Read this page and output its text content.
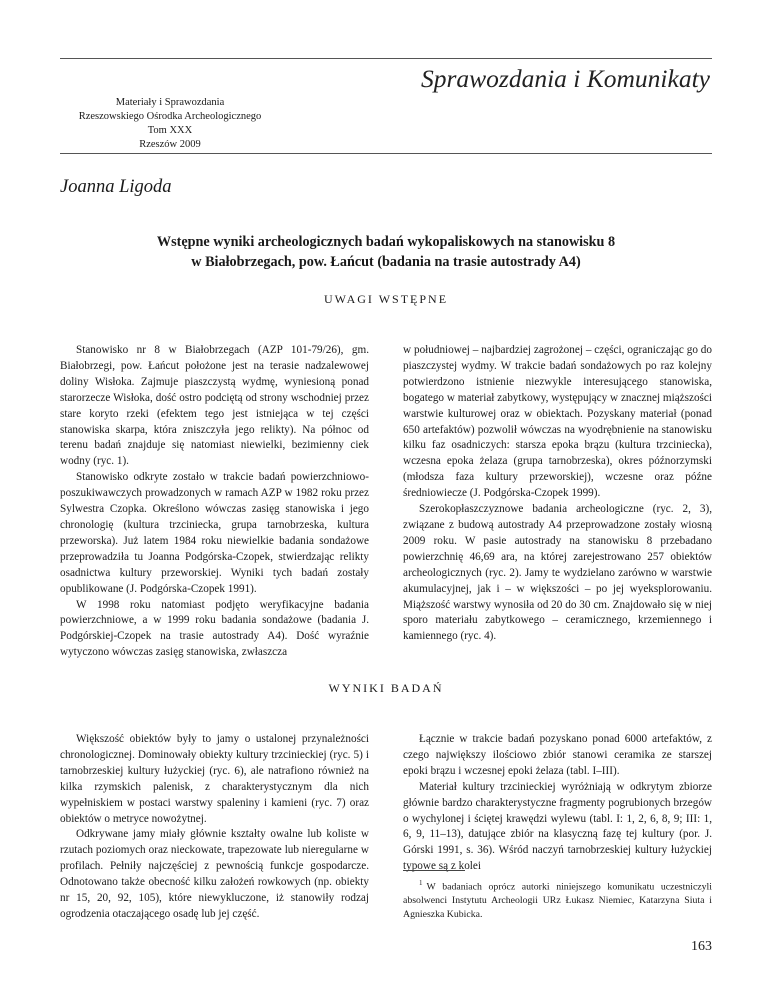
Sprawozdania i Komunikaty
Materiały i Sprawozdania
Rzeszowskiego Ośrodka Archeologicznego
Tom XXX
Rzeszów 2009
Joanna Ligoda
Wstępne wyniki archeologicznych badań wykopaliskowych na stanowisku 8
w Białobrzegach, pow. Łańcut (badania na trasie autostrady A4)
UWAGI WSTĘPNE

Stanowisko nr 8 w Białobrzegach (AZP 101-79/26), gm. Białobrzegi, pow. Łańcut położone jest na terasie nadzalewowej doliny Wisłoka. Zajmuje piaszczystą wydmę, wyniesioną ponad starorzecze Wisłoka, dość ostro podciętą od strony wschodniej przez stare koryto rzeki (efektem tego jest istniejąca w tej części stanowiska skarpa, która zniszczyła jego relikty). Na północ od terenu badań znajduje się natomiast niewielki, bezimienny ciek wodny (ryc. 1).

Stanowisko odkryte zostało w trakcie badań powierzchniowo-poszukiwawczych prowadzonych w ramach AZP w 1982 roku przez Sylwestra Czopka. Określono wówczas zasięg stanowiska i jego chronologię (kultura trzciniecka, grupa tarnobrzeska, kultura przeworska). Już latem 1984 roku niewielkie badania sondażowe przeprowadziła tu Joanna Podgórska-Czopek, stwierdzając relikty osadnictwa kultury przeworskiej. Wyniki tych badań zostały opublikowane (J. Podgórska-Czopek 1991).

W 1998 roku natomiast podjęto weryfikacyjne badania powierzchniowe, a w 1999 roku badania sondażowe (badania J. Podgórskiej-Czopek na trasie autostrady A4). Dość wyraźnie wytyczono wówczas zasięg stanowiska, zwłaszcza

w południowej – najbardziej zagrożonej – części, ograniczając go do piaszczystej wydmy. W trakcie badań sondażowych po raz kolejny potwierdzono istnienie niezwykle interesującego stanowiska, bogatego w materiał zabytkowy, występujący w znacznej miąższości warstwie kulturowej oraz w obiektach. Pozyskany materiał (ponad 650 artefaktów) pozwolił wówczas na wyodrębnienie na stanowisku kilku faz osadniczych: starsza epoka brązu (kultura trzciniecka), wczesna epoka żelaza (grupa tarnobrzeska), okres późnorzymski (młodsza faza kultury przeworskiej), wczesne oraz późne średniowiecze (J. Podgórska-Czopek 1999).

Szerokopłaszczyznowe badania archeologiczne (ryc. 2, 3), związane z budową autostrady A4 przeprowadzone zostały wiosną 2009 roku. W pasie autostrady na stanowisku 8 przebadano powierzchnię 46,69 ara, na której zarejestrowano 257 obiektów archeologicznych (ryc. 2). Jamy te wydzielano zarówno w warstwie akumulacyjnej, jak i – w większości – po jej wyeksplorowaniu. Miąższość warstwy wynosiła od 20 do 30 cm. Znajdowało się w niej sporo materiału zabytkowego – ceramicznego, krzemiennego i kamiennego (ryc. 4).

WYNIKI BADAŃ

Większość obiektów były to jamy o ustalonej przynależności chronologicznej. Dominowały obiekty kultury trzcinieckiej (ryc. 5) i tarnobrzeskiej kultury łużyckiej (ryc. 6), ale natrafiono również na kilka rzymskich palenisk, z charakterystycznym dla nich wypełniskiem w postaci warstwy spaleniny i kamieni (ryc. 7) oraz obiektów o metryce nowożytnej.

Odkrywane jamy miały głównie kształty owalne lub koliste w rzutach poziomych oraz nieckowate, trapezowate lub nieregularne w profilach. Pełniły najczęściej z pewnością funkcje gospodarcze. Odnotowano także obecność kilku założeń rowkowych (np. obiekty nr 15, 20, 92, 105), które niewykluczone, iż stanowiły rodzaj ogrodzenia otaczającego osadę lub jej część.

Łącznie w trakcie badań pozyskano ponad 6000 artefaktów, z czego największy ilościowo zbiór stanowi ceramika ze starszej epoki brązu i wczesnej epoki żelaza (tabl. I–III).

Materiał kultury trzcinieckiej wyróżniają w odkrytym zbiorze głównie bardzo charakterystyczne fragmenty pogrubionych brzegów o wychylonej i ściętej krawędzi wylewu (tabl. I: 1, 2, 6, 8, 9; III: 1, 6, 9, 11–13), datujące zbiór na klasyczną fazę tej kultury (por. J. Górski 1991, s. 36). Wśród naczyń tarnobrzeskiej kultury łużyckiej typowe są z kolei

$^1$ W badaniach oprócz autorki niniejszego komunikatu uczestniczyli absolwenci Instytutu Archeologii URz Łukasz Niemiec, Katarzyna Siuta i Agnieszka Kubicka.
163
